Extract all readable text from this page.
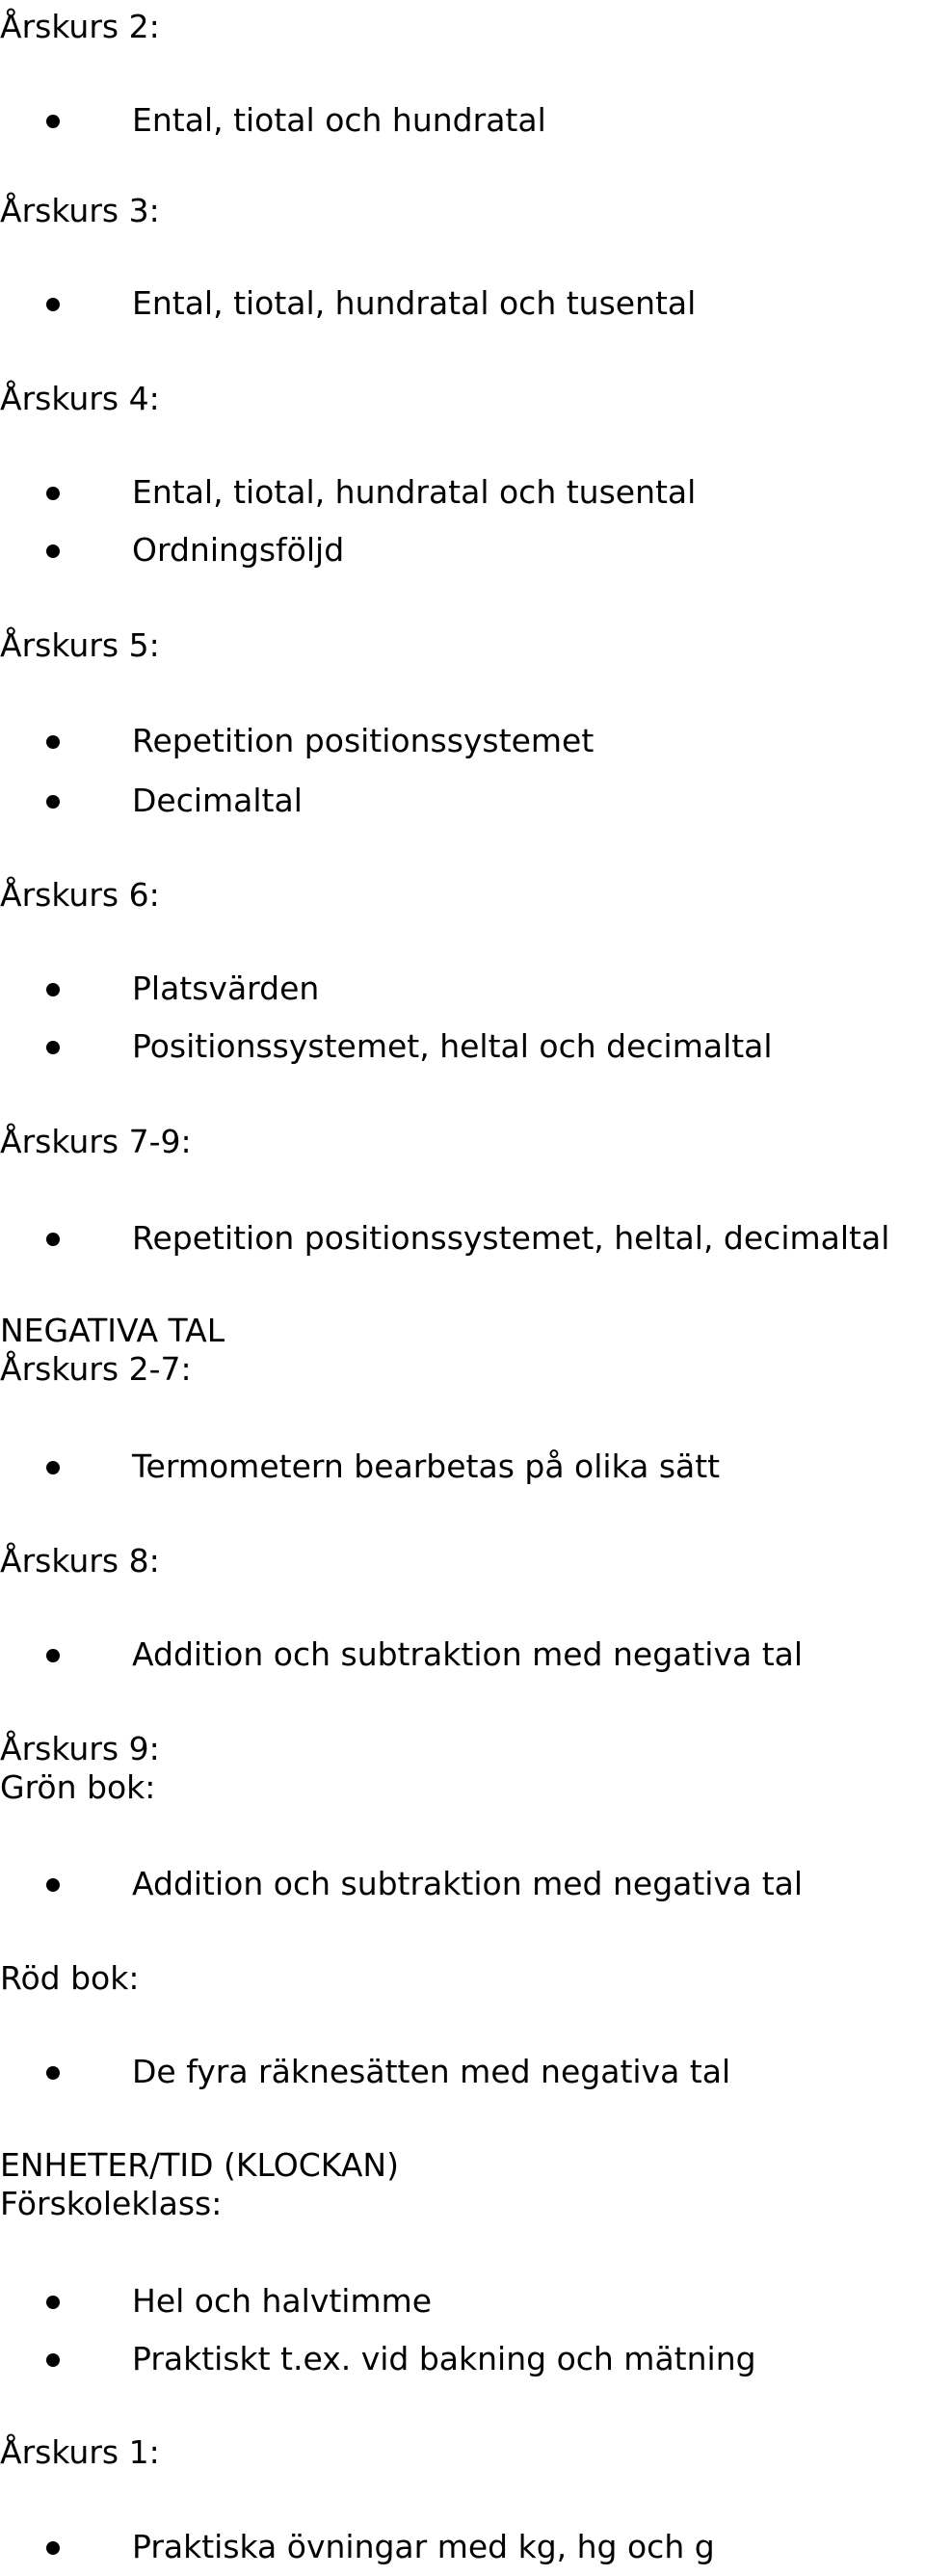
Årskurs 2:
Ental, tiotal och hundratal
Årskurs 3:
Ental, tiotal, hundratal och tusental
Årskurs 4:
Ental, tiotal, hundratal och tusental
Ordningsföljd
Årskurs 5:
Repetition positionssystemet
Decimaltal
Årskurs 6:
Platsvärden
Positionssystemet, heltal och decimaltal
Årskurs 7-9:
Repetition positionssystemet, heltal, decimaltal
NEGATIVA TAL
Årskurs 2-7:
Termometern bearbetas på olika sätt
Årskurs 8:
Addition och subtraktion med negativa tal
Årskurs 9:
Grön bok:
Addition och subtraktion med negativa tal
Röd bok:
De fyra räknesätten med negativa tal
ENHETER/TID (KLOCKAN)
Förskoleklass:
Hel och halvtimme
Praktiskt t.ex. vid bakning och mätning
Årskurs 1:
Praktiska övningar med kg, hg och g
